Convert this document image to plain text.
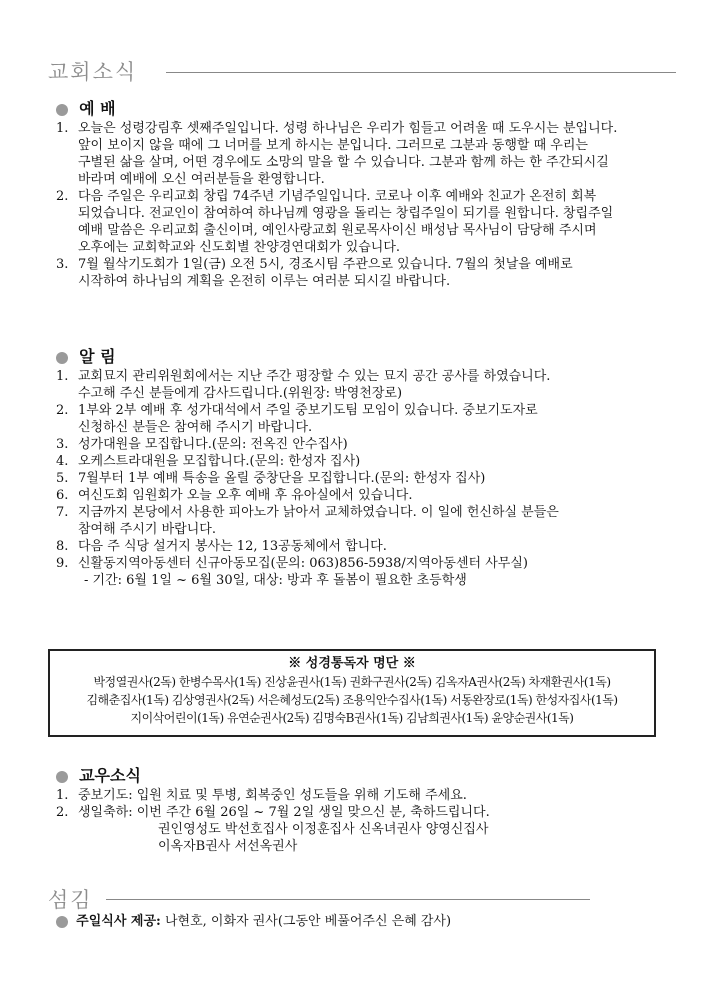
교회소식
예 배
1. 오늘은 성령강림후 셋째주일입니다. 성령 하나님은 우리가 힘들고 어려울 때 도우시는 분입니다.
앞이 보이지 않을 때에 그 너머를 보게 하시는 분입니다. 그러므로 그분과 동행할 때 우리는
구별된 삶을 살며, 어떤 경우에도 소망의 말을 할 수 있습니다. 그분과 함께 하는 한 주간되시길
바라며 예배에 오신 여러분들을 환영합니다.
2. 다음 주일은 우리교회 창립 74주년 기념주일입니다. 코로나 이후 예배와 친교가 온전히 회복
되었습니다. 전교인이 참여하여 하나님께 영광을 돌리는 창립주일이 되기를 원합니다. 창립주일
예배 말씀은 우리교회 출신이며, 예인사랑교회 원로목사이신 배성남 목사님이 담당해 주시며
오후에는 교회학교와 신도회별 찬양경연대회가 있습니다.
3. 7월 월삭기도회가 1일(금) 오전 5시, 경조시팀 주관으로 있습니다. 7월의 첫날을 예배로
시작하여 하나님의 계획을 온전히 이루는 여러분 되시길 바랍니다.
알 림
1. 교회묘지 관리위원회에서는 지난 주간 평장할 수 있는 묘지 공간 공사를 하였습니다.
수고해 주신 분들에게 감사드립니다.(위원장: 박영천장로)
2. 1부와 2부 예배 후 성가대석에서 주일 중보기도팀 모임이 있습니다. 중보기도자로
신청하신 분들은 참여해 주시기 바랍니다.
3. 성가대원을 모집합니다.(문의: 전옥진 안수집사)
4. 오케스트라대원을 모집합니다.(문의: 한성자 집사)
5. 7월부터 1부 예배 특송을 올릴 중창단을 모집합니다.(문의: 한성자 집사)
6. 여신도회 임원회가 오늘 오후 예배 후 유아실에서 있습니다.
7. 지금까지 본당에서 사용한 피아노가 낡아서 교체하였습니다. 이 일에 헌신하실 분들은
참여해 주시기 바랍니다.
8. 다음 주 식당 설거지 봉사는 12, 13공동체에서 합니다.
9. 신활동지역아동센터 신규아동모집(문의: 063)856-5938/지역아동센터 사무실)
- 기간: 6월 1일 ~ 6월 30일, 대상: 방과 후 돌봄이 필요한 초등학생

※ 성경통독자 명단 ※

박정열권사(2독) 한병수목사(1독) 진상윤권사(1독) 권화구권사(2독) 김옥자A권사(2독) 차재환권사(1독)

김해춘집사(1독) 김상영권사(2독) 서은혜성도(2독) 조용익안수집사(1독) 서동완장로(1독) 한성자집사(1독)

지이삭어린이(1독) 유연순권사(2독) 김명숙B권사(1독) 김남희권사(1독) 윤양순권사(1독)

교우소식
1. 중보기도: 입원 치료 및 투병, 회복중인 성도들을 위해 기도해 주세요.
2. 생일축하: 이번 주간 6월 26일 ~ 7월 2일 생일 맞으신 분, 축하드립니다.
권인영성도 박선호집사 이정훈집사 신옥녀권사 양영신집사
이옥자B권사 서선옥권사
섬김
주일식사 제공: 나현호, 이화자 권사(그동안 베풀어주신 은혜 감사)
